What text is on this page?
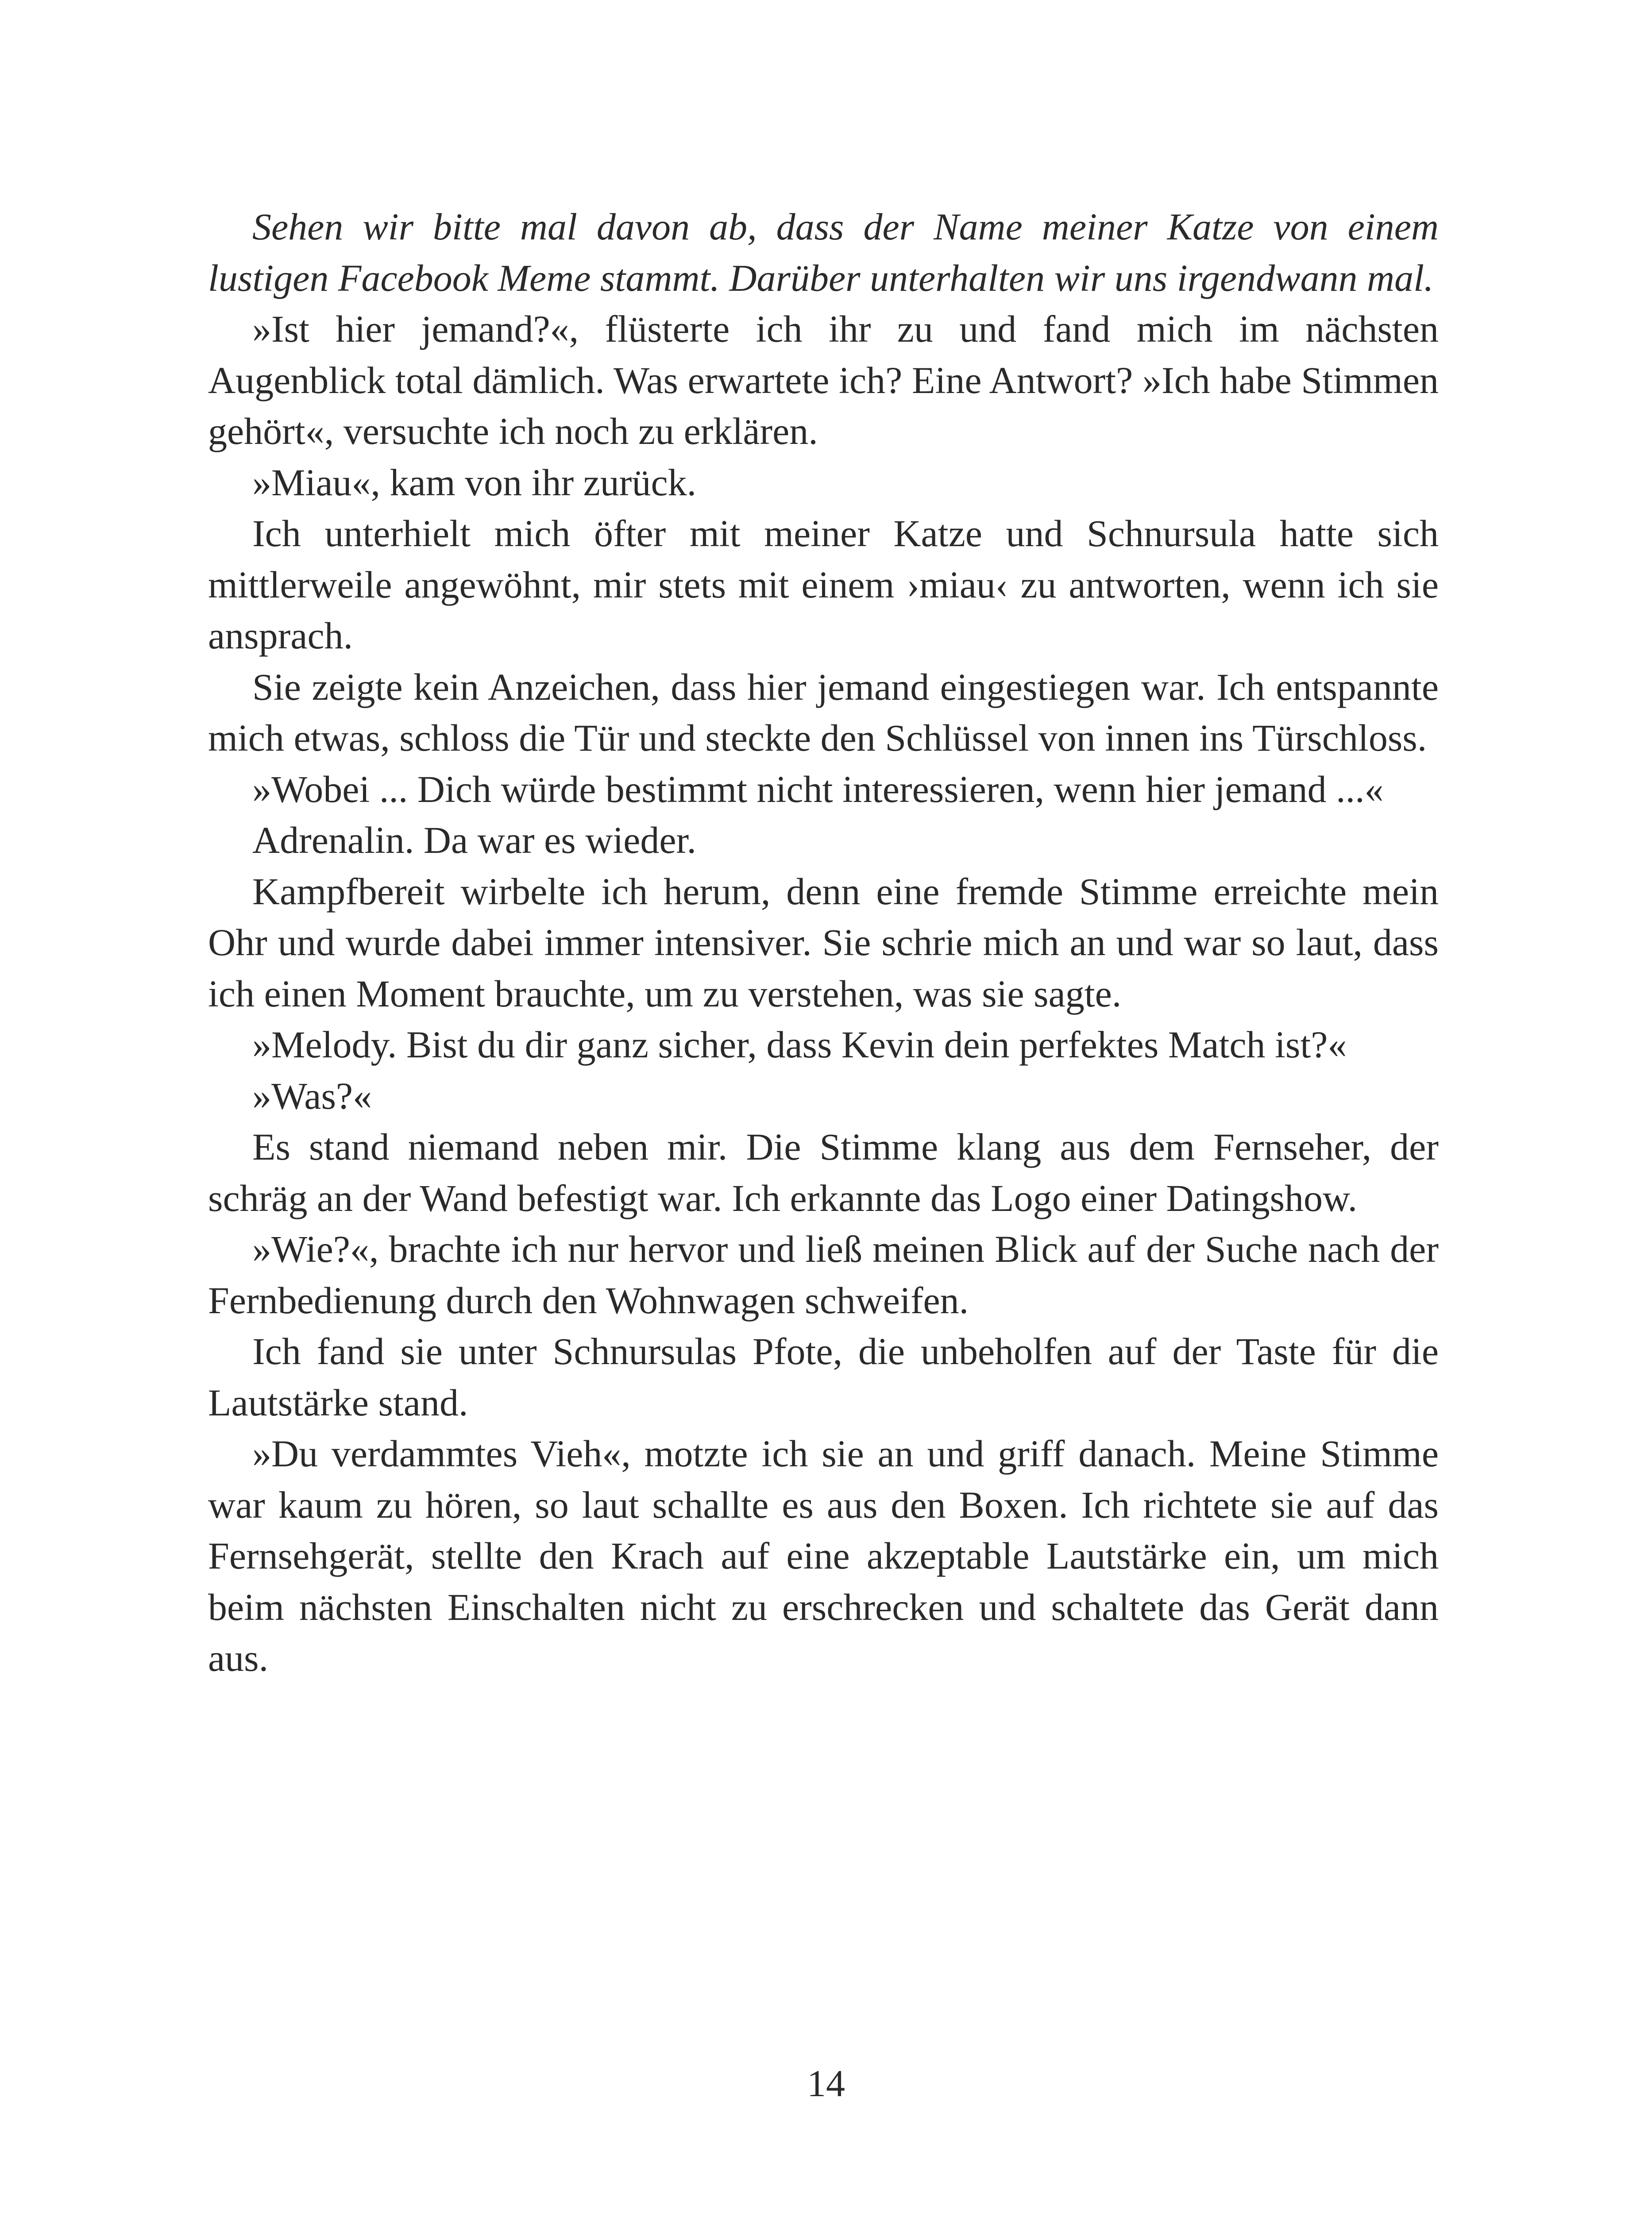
Sehen wir bitte mal davon ab, dass der Name meiner Katze von einem lustigen Facebook Meme stammt. Darüber unterhalten wir uns irgendwann mal.

»Ist hier jemand?«, flüsterte ich ihr zu und fand mich im nächsten Augenblick total dämlich. Was erwartete ich? Eine Antwort? »Ich habe Stimmen gehört«, versuchte ich noch zu erklären.

»Miau«, kam von ihr zurück.

Ich unterhielt mich öfter mit meiner Katze und Schnursula hatte sich mittlerweile angewöhnt, mir stets mit einem ›miau‹ zu antworten, wenn ich sie ansprach.

Sie zeigte kein Anzeichen, dass hier jemand eingestiegen war. Ich entspannte mich etwas, schloss die Tür und steckte den Schlüssel von innen ins Türschloss.

»Wobei ... Dich würde bestimmt nicht interessieren, wenn hier jemand ...«

Adrenalin. Da war es wieder.

Kampfbereit wirbelte ich herum, denn eine fremde Stimme erreichte mein Ohr und wurde dabei immer intensiver. Sie schrie mich an und war so laut, dass ich einen Moment brauchte, um zu verstehen, was sie sagte.

»Melody. Bist du dir ganz sicher, dass Kevin dein perfektes Match ist?«

»Was?«

Es stand niemand neben mir. Die Stimme klang aus dem Fernseher, der schräg an der Wand befestigt war. Ich erkannte das Logo einer Datingshow.

»Wie?«, brachte ich nur hervor und ließ meinen Blick auf der Suche nach der Fernbedienung durch den Wohnwagen schweifen.

Ich fand sie unter Schnursulas Pfote, die unbeholfen auf der Taste für die Lautstärke stand.

»Du verdammtes Vieh«, motzte ich sie an und griff danach. Meine Stimme war kaum zu hören, so laut schallte es aus den Boxen. Ich richtete sie auf das Fernsehgerät, stellte den Krach auf eine akzeptable Lautstärke ein, um mich beim nächsten Einschalten nicht zu erschrecken und schaltete das Gerät dann aus.

14
